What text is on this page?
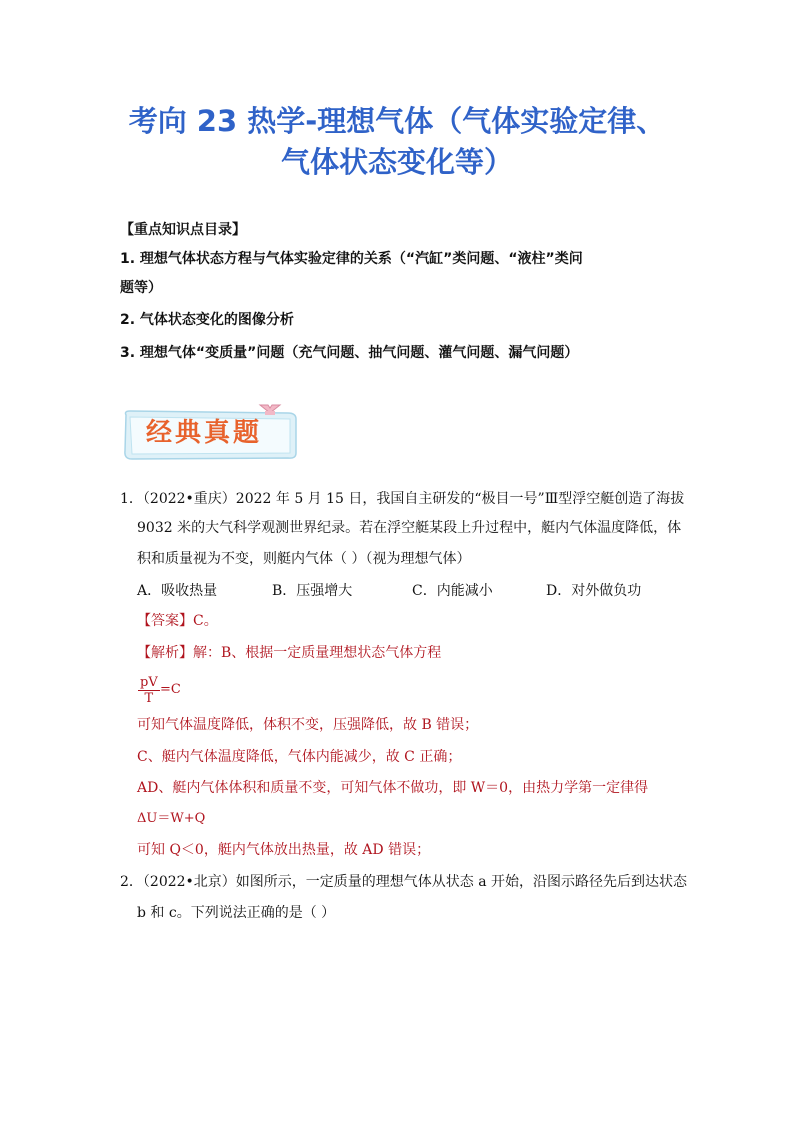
考向 23 热学-理想气体（气体实验定律、
气体状态变化等）
【重点知识点目录】
1. 理想气体状态方程与气体实验定律的关系（“汽缸”类问题、“液柱”类问
题等）
2. 气体状态变化的图像分析
3. 理想气体“变质量”问题（充气问题、抽气问题、灌气问题、漏气问题）
经典真题
1．（2022•重庆）2022 年 5 月 15 日，我国自主研发的“极目一号”Ⅲ型浮空艇创造了海拔
9032 米的大气科学观测世界纪录。若在浮空艇某段上升过程中，艇内气体温度降低，体
积和质量视为不变，则艇内气体（ ）（视为理想气体）
A．吸收热量	B．压强增大	C．内能减小	D．对外做负功
【答案】C。
【解析】解：B、根据一定质量理想状态气体方程
pV
T
=C
可知气体温度降低，体积不变，压强降低，故 B 错误；
C、艇内气体温度降低，气体内能减少，故 C 正确；
AD、艇内气体体积和质量不变，可知气体不做功，即 W＝0，由热力学第一定律得
ΔU＝W+Q
可知 Q＜0，艇内气体放出热量，故 AD 错误；
2．（2022•北京）如图所示，一定质量的理想气体从状态 a 开始，沿图示路径先后到达状态
b 和 c。下列说法正确的是（ ）
